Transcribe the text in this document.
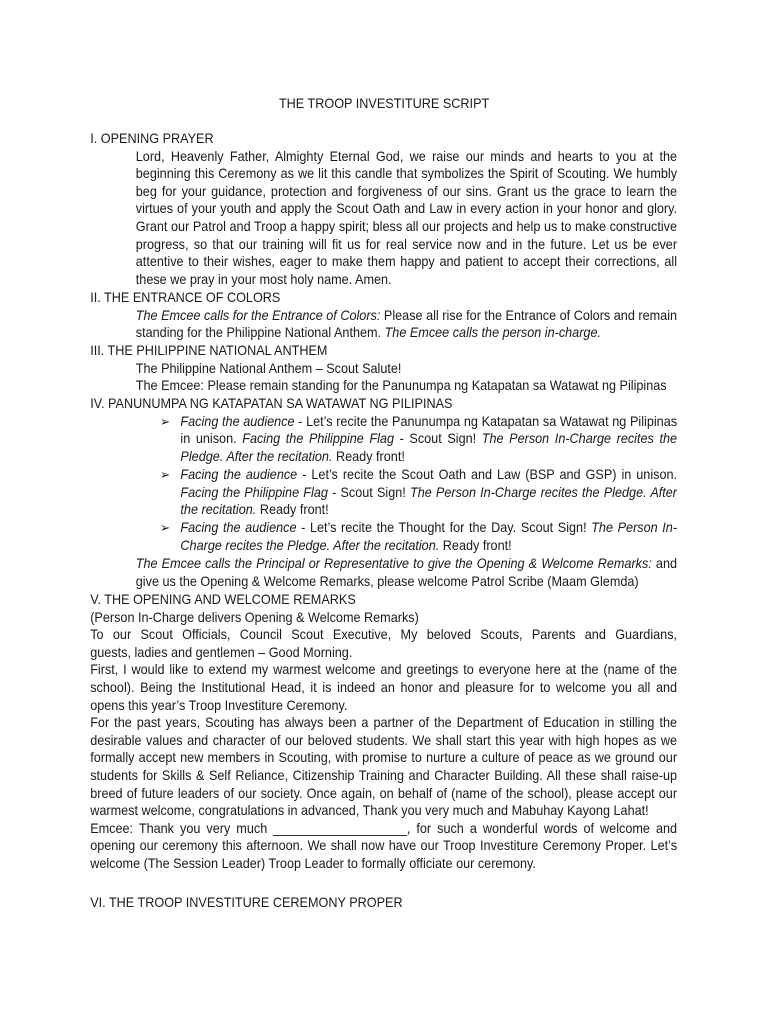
THE TROOP INVESTITURE SCRIPT
I. OPENING PRAYER
Lord, Heavenly Father, Almighty Eternal God, we raise our minds and hearts to you at the
beginning this Ceremony as we lit this candle that symbolizes the Spirit of Scouting. We humbly
beg for your guidance, protection and forgiveness of our sins. Grant us the grace to learn the
virtues of your youth and apply the Scout Oath and Law in every action in your honor and glory.
Grant our Patrol and Troop a happy spirit; bless all our projects and help us to make constructive
progress, so that our training will fit us for real service now and in the future. Let us be ever
attentive to their wishes, eager to make them happy and patient to accept their corrections, all
these we pray in your most holy name. Amen.
II. THE ENTRANCE OF COLORS
The Emcee calls for the Entrance of Colors: Please all rise for the Entrance of Colors and remain
standing for the Philippine National Anthem. The Emcee calls the person in-charge.
III. THE PHILIPPINE NATIONAL ANTHEM
The Philippine National Anthem – Scout Salute!
The Emcee: Please remain standing for the Panunumpa ng Katapatan sa Watawat ng Pilipinas
IV. PANUNUMPA NG KATAPATAN SA WATAWAT NG PILIPINAS
➢ Facing the audience - Let’s recite the Panunumpa ng Katapatan sa Watawat ng Pilipinas
in unison. Facing the Philippine Flag - Scout Sign! The Person In-Charge recites the
Pledge. After the recitation. Ready front!
➢ Facing the audience - Let’s recite the Scout Oath and Law (BSP and GSP) in unison.
Facing the Philippine Flag - Scout Sign! The Person In-Charge recites the Pledge. After
the recitation. Ready front!
➢ Facing the audience - Let’s recite the Thought for the Day. Scout Sign! The Person In-
Charge recites the Pledge. After the recitation. Ready front!
The Emcee calls the Principal or Representative to give the Opening & Welcome Remarks: and
give us the Opening & Welcome Remarks, please welcome Patrol Scribe (Maam Glemda)
V. THE OPENING AND WELCOME REMARKS
(Person In-Charge delivers Opening & Welcome Remarks)
To our Scout Officials, Council Scout Executive, My beloved Scouts, Parents and Guardians,
guests, ladies and gentlemen – Good Morning.
First, I would like to extend my warmest welcome and greetings to everyone here at the (name of the
school). Being the Institutional Head, it is indeed an honor and pleasure for to welcome you all and
opens this year’s Troop Investiture Ceremony.
For the past years, Scouting has always been a partner of the Department of Education in stilling the
desirable values and character of our beloved students. We shall start this year with high hopes as we
formally accept new members in Scouting, with promise to nurture a culture of peace as we ground our
students for Skills & Self Reliance, Citizenship Training and Character Building. All these shall raise-up
breed of future leaders of our society. Once again, on behalf of (name of the school), please accept our
warmest welcome, congratulations in advanced, Thank you very much and Mabuhay Kayong Lahat!
Emcee: Thank you very much ___________________, for such a wonderful words of welcome and
opening our ceremony this afternoon. We shall now have our Troop Investiture Ceremony Proper. Let’s
welcome (The Session Leader) Troop Leader to formally officiate our ceremony.
VI. THE TROOP INVESTITURE CEREMONY PROPER
